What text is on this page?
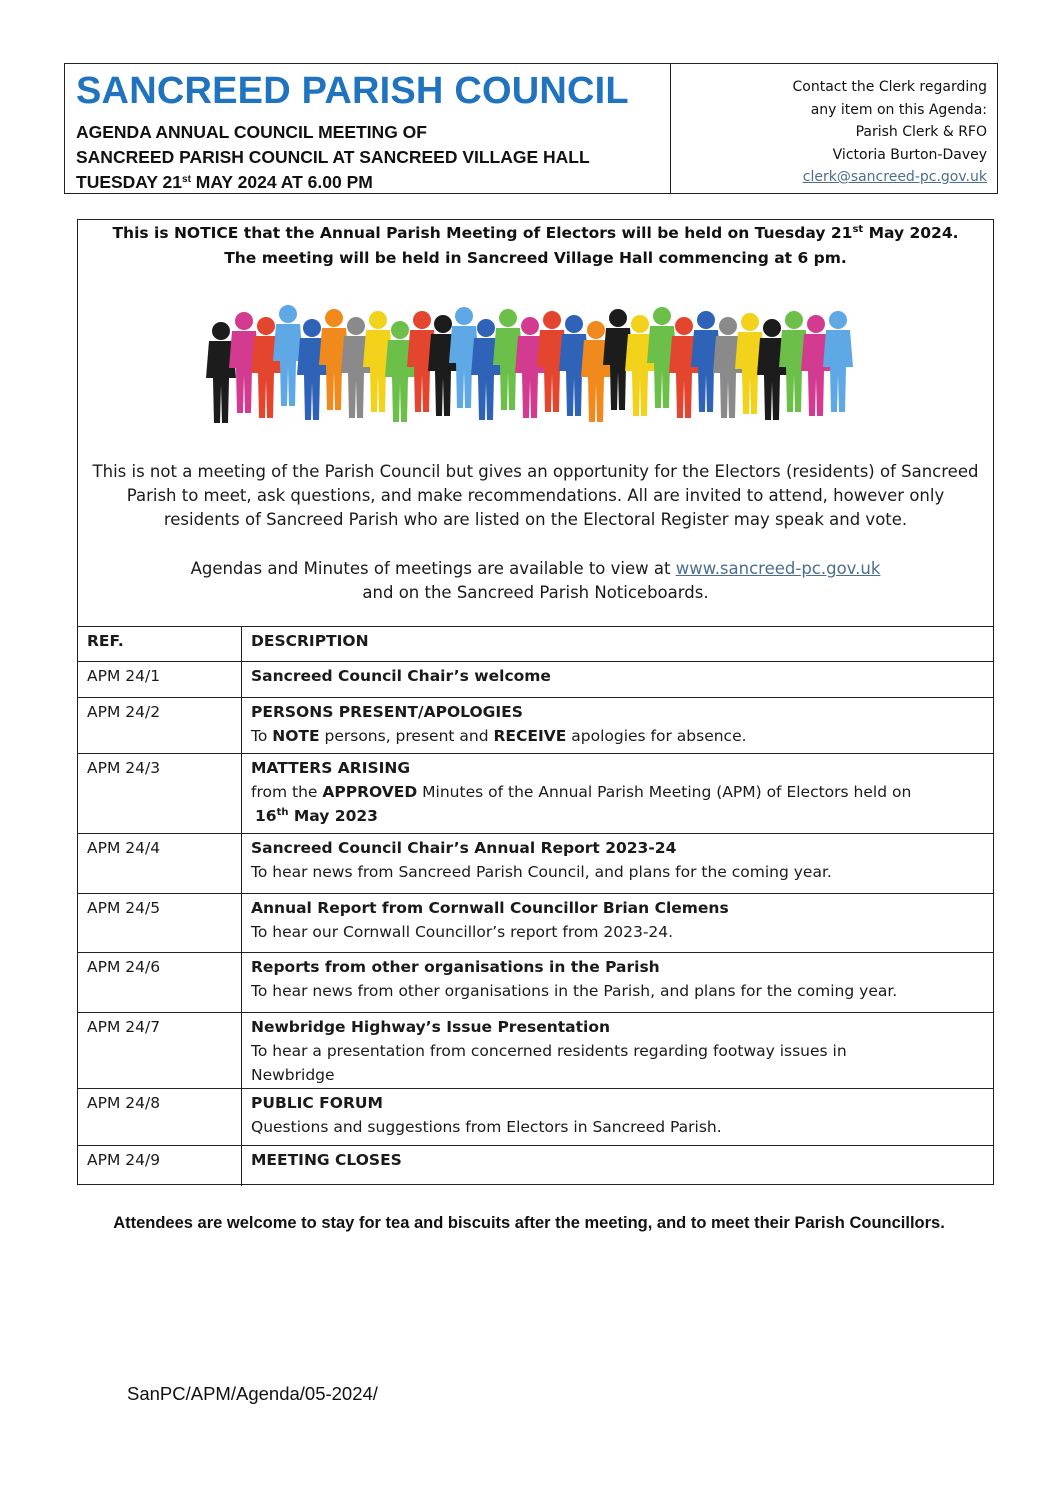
SANCREED PARISH COUNCIL
AGENDA ANNUAL COUNCIL MEETING OF
SANCREED PARISH COUNCIL AT SANCREED VILLAGE HALL
TUESDAY 21st MAY 2024 AT 6.00 PM
Contact the Clerk regarding
any item on this Agenda:
Parish Clerk & RFO
Victoria Burton-Davey
clerk@sancreed-pc.gov.uk
This is NOTICE that the Annual Parish Meeting of Electors will be held on Tuesday 21st May 2024.
The meeting will be held in Sancreed Village Hall commencing at 6 pm.

This is not a meeting of the Parish Council but gives an opportunity for the Electors (residents) of Sancreed

Parish to meet, ask questions, and make recommendations. All are invited to attend, however only

residents of Sancreed Parish who are listed on the Electoral Register may speak and vote.

Agendas and Minutes of meetings are available to view at www.sancreed-pc.gov.uk

and on the Sancreed Parish Noticeboards.

REF.	DESCRIPTION
APM 24/1	Sancreed Council Chair’s welcome
APM 24/2	PERSONS PRESENT/APOLOGIES
To NOTE persons, present and RECEIVE apologies for absence.

APM 24/3	MATTERS ARISING
from the APPROVED Minutes of the Annual Parish Meeting (APM) of Electors held on
16th May 2023

APM 24/4	Sancreed Council Chair’s Annual Report 2023-24
To hear news from Sancreed Parish Council, and plans for the coming year.

APM 24/5	Annual Report from Cornwall Councillor Brian Clemens
To hear our Cornwall Councillor’s report from 2023-24.

APM 24/6	Reports from other organisations in the Parish
To hear news from other organisations in the Parish, and plans for the coming year.

APM 24/7	Newbridge Highway’s Issue Presentation
To hear a presentation from concerned residents regarding footway issues in
Newbridge

APM 24/8	PUBLIC FORUM
Questions and suggestions from Electors in Sancreed Parish.

APM 24/9	MEETING CLOSES
Attendees are welcome to stay for tea and biscuits after the meeting, and to meet their Parish Councillors.
SanPC/APM/Agenda/05-2024/
